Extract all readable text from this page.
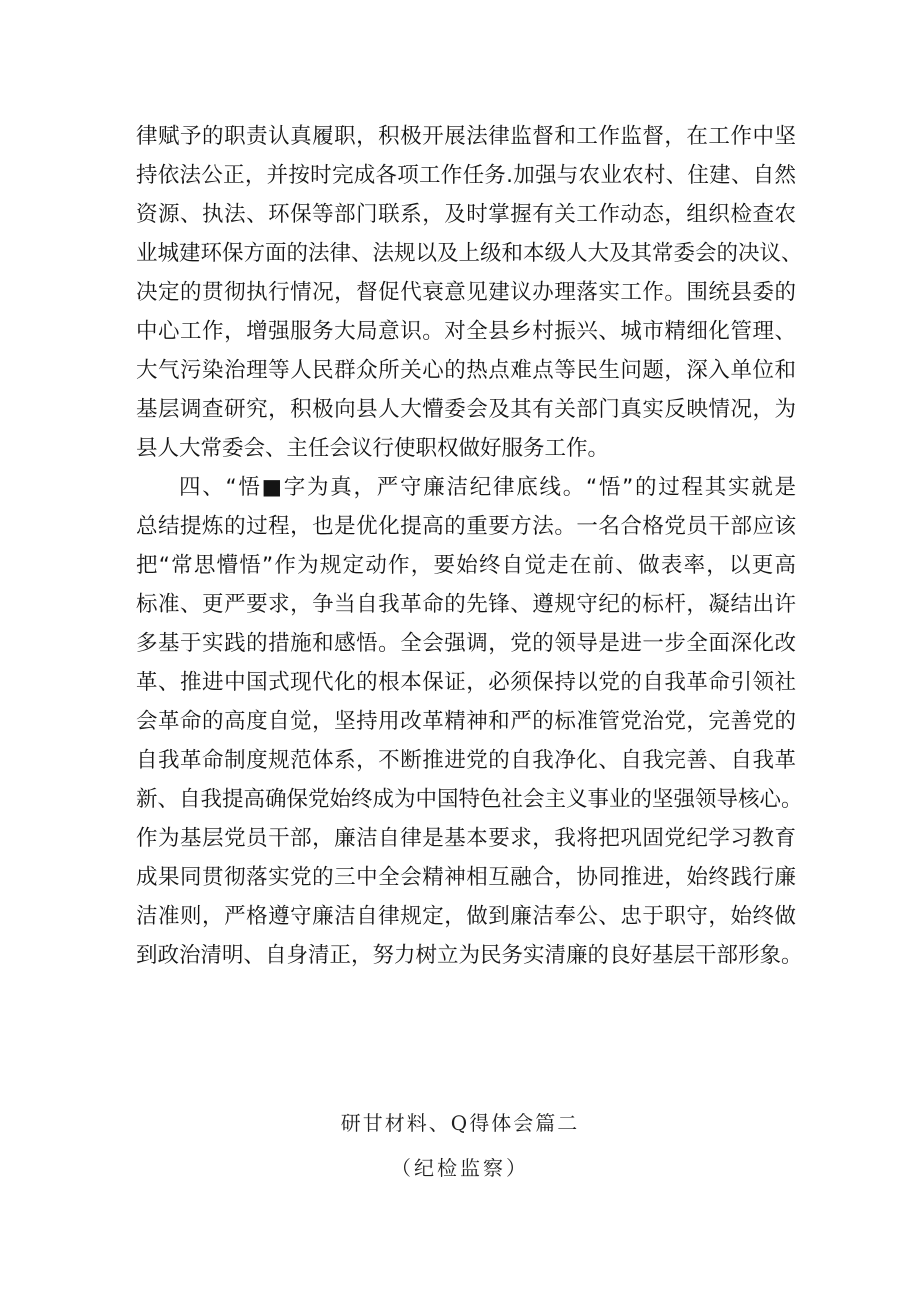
律赋予的职责认真履职，积极开展法律监督和工作监督，在工作中坚
持依法公正，并按时完成各项工作任务.加强与农业农村、住建、自然
资源、执法、环保等部门联系，及时掌握有关工作动态，组织检查农
业城建环保方面的法律、法规以及上级和本级人大及其常委会的决议、
决定的贯彻执行情况，督促代衰意见建议办理落实工作。围统县委的
中心工作，增强服务大局意识。对全县乡村振兴、城市精细化管理、
大气污染治理等人民群众所关心的热点难点等民生问题，深入单位和
基层调查研究，积极向县人大懵委会及其有关部门真实反映情况，为
县人大常委会、主任会议行使职权做好服务工作。
四、“悟■字为真，严守廉洁纪律底线。“悟”的过程其实就是
总结提炼的过程，也是优化提高的重要方法。一名合格党员干部应该
把“常思懵悟”作为规定动作，要始终自觉走在前、做表率，以更高
标准、更严要求，争当自我革命的先锋、遵规守纪的标杆，凝结出许
多基于实践的措施和感悟。全会强调，党的领导是进一步全面深化改
革、推进中国式现代化的根本保证，必须保持以党的自我革命引领社
会革命的高度自觉，坚持用改革精神和严的标准管党治党，完善党的
自我革命制度规范体系，不断推进党的自我净化、自我完善、自我革
新、自我提高确保党始终成为中国特色社会主义事业的坚强领导核心。
作为基层党员干部，廉洁自律是基本要求，我将把巩固党纪学习教育
成果同贯彻落实党的三中全会精神相互融合，协同推进，始终践行廉
洁准则，严格遵守廉洁自律规定，做到廉洁奉公、忠于职守，始终做
到政治清明、自身清正，努力树立为民务实清廉的良好基层干部形象。
研甘材料、Q得体会篇二
（纪检监察）
